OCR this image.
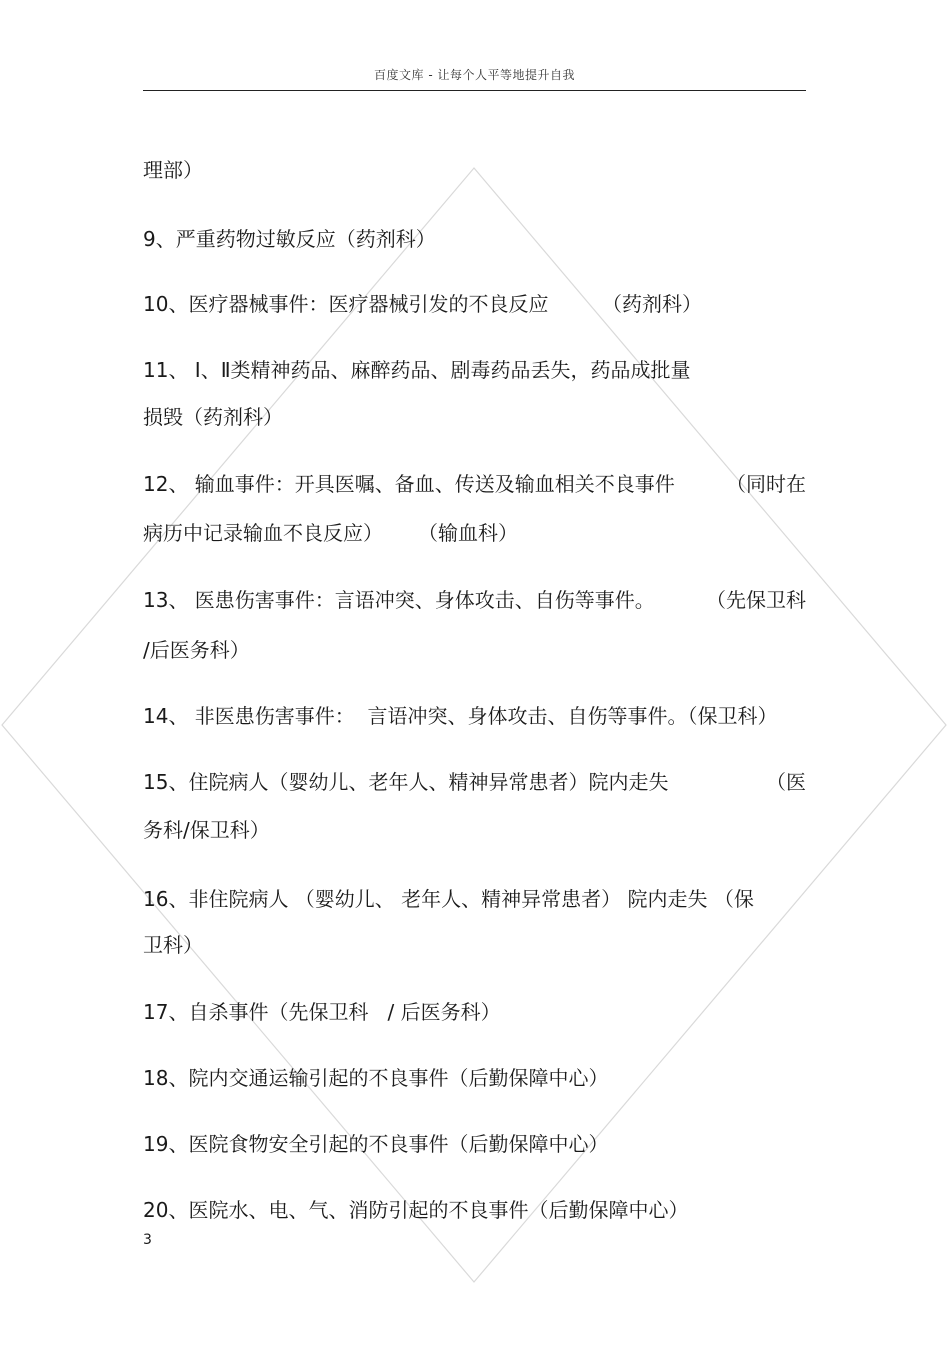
百度文库 - 让每个人平等地提升自我
理部）
9、严重药物过敏反应（药剂科）
10、医疗器械事件：医疗器械引发的不良反应	（药剂科）
11、 Ⅰ、Ⅱ类精神药品、麻醉药品、剧毒药品丢失，药品成批量
损毁（药剂科）
12、 输血事件：开具医嘱、备血、传送及输血相关不良事件	（同时在
病历中记录输血不良反应） （输血科）
13、 医患伤害事件：言语冲突、身体攻击、自伤等事件。	（先保卫科
/后医务科）
14、 非医患伤害事件：  言语冲突、身体攻击、自伤等事件。（保卫科）
15、住院病人（婴幼儿、老年人、精神异常患者）院内走失	（医
务科/保卫科）
16、非住院病人 （婴幼儿、 老年人、精神异常患者） 院内走失 （保
卫科）
17、自杀事件（先保卫科   / 后医务科）
18、院内交通运输引起的不良事件（后勤保障中心）
19、医院食物安全引起的不良事件（后勤保障中心）
20、医院水、电、气、消防引起的不良事件（后勤保障中心）
3
